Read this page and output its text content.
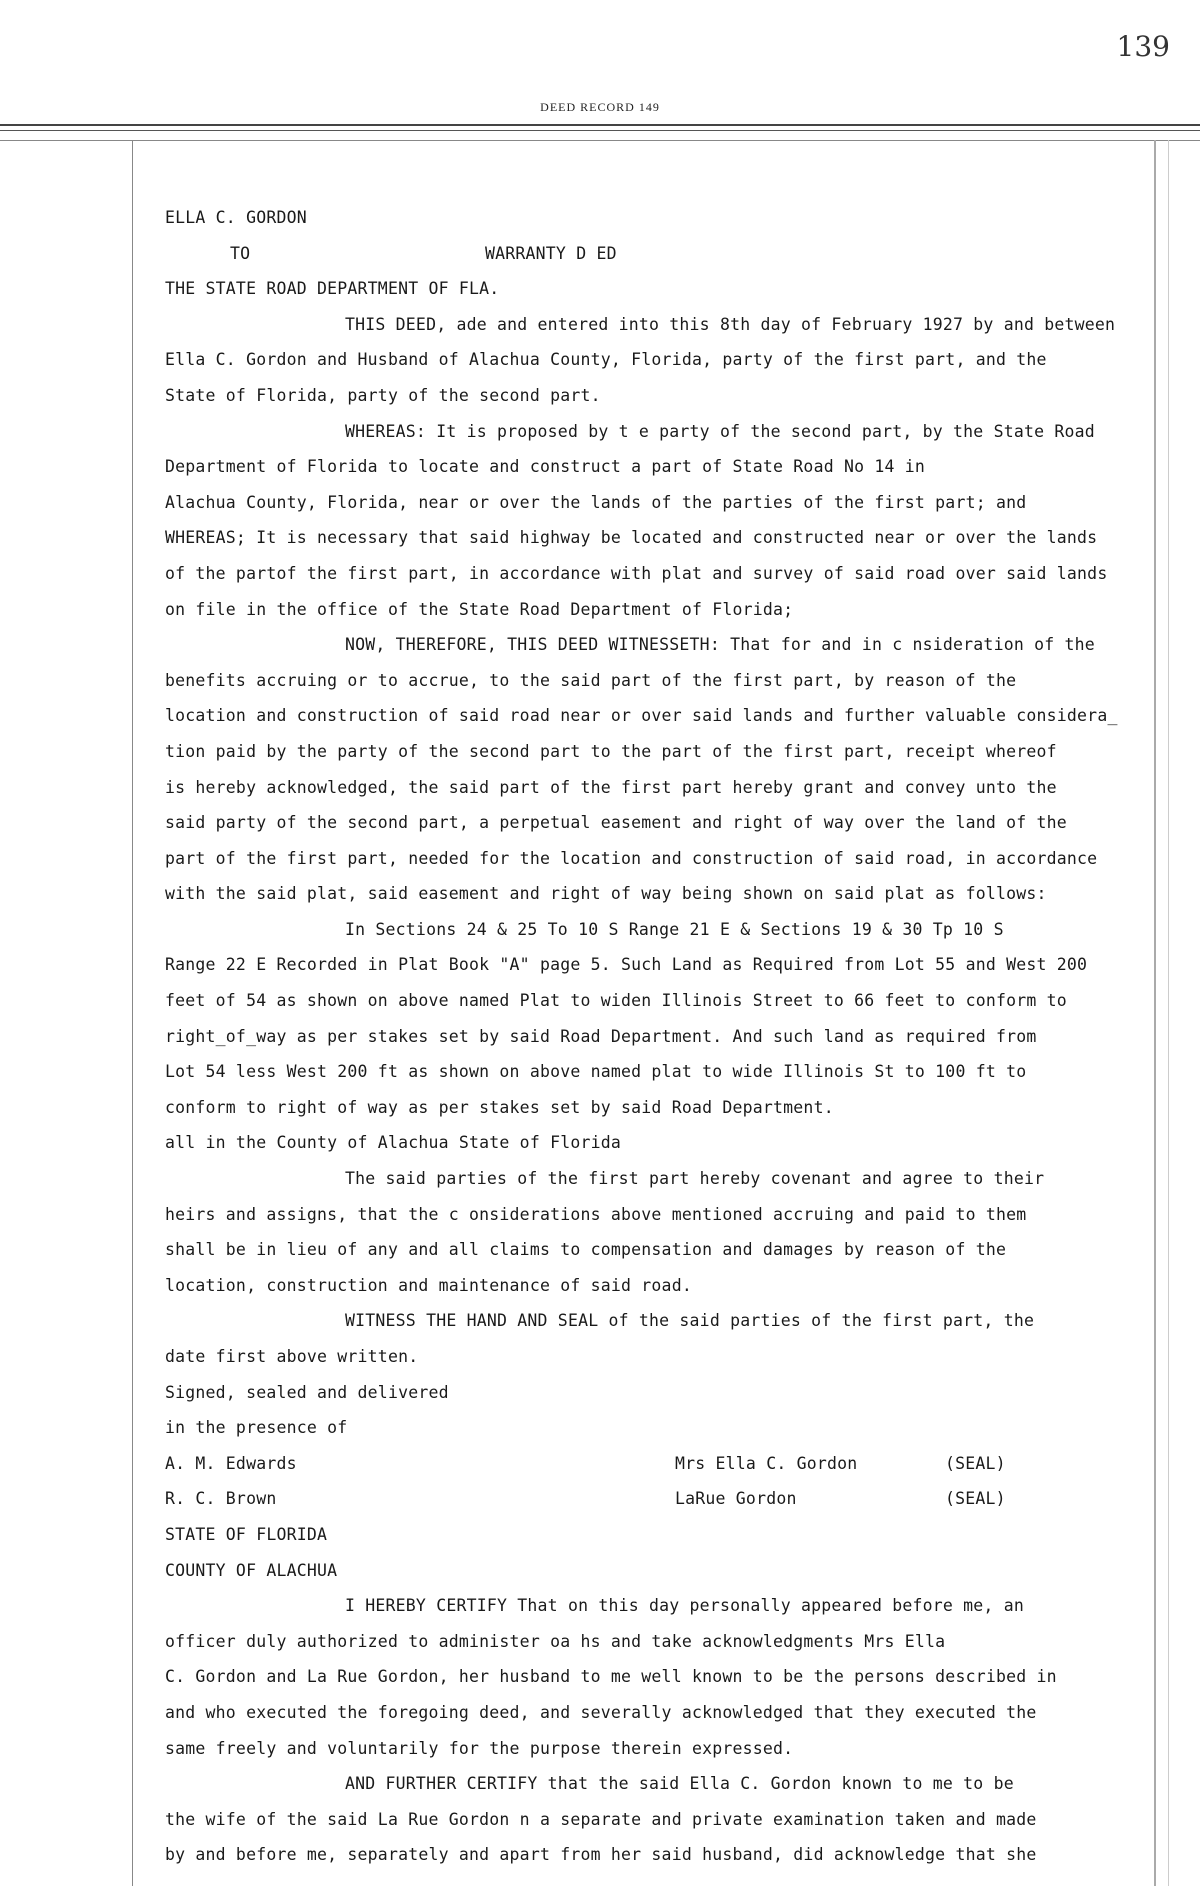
139
DEED RECORD 149
ELLA C. GORDON
TO	WARRANTY D ED
THE STATE ROAD DEPARTMENT OF FLA.
THIS DEED, ade and entered into this 8th day of February 1927 by and between
Ella C. Gordon and Husband of Alachua County, Florida, party of the first part, and the
State of Florida, party of the second part.
WHEREAS: It is proposed by t e party of the second part, by the State Road
Department of Florida to locate and construct a part of State Road No 14 in
Alachua County, Florida, near or over the lands of the parties of the first part; and
WHEREAS; It is necessary that said highway be located and constructed near or over the lands
of the partof the first part, in accordance with plat and survey of said road over said lands
on file in the office of the State Road Department of Florida;
NOW, THEREFORE, THIS DEED WITNESSETH: That for and in c nsideration of the
benefits accruing or to accrue, to the said part of the first part, by reason of the
location and construction of said road near or over said lands and further valuable considera_
tion paid by the party of the second part to the part of the first part, receipt whereof
is hereby acknowledged, the said part of the first part hereby grant and convey unto the
said party of the second part, a perpetual easement and right of way over the land of the
part of the first part, needed for the location and construction of said road, in accordance
with the said plat, said easement and right of way being shown on said plat as follows:
In Sections 24 & 25 To 10 S Range 21 E & Sections 19 & 30 Tp 10 S
Range 22 E Recorded in Plat Book "A" page 5. Such Land as Required from Lot 55 and West 200
feet of 54 as shown on above named Plat to widen Illinois Street to 66 feet to conform to
right_of_way as per stakes set by said Road Department. And such land as required from
Lot 54 less West 200 ft as shown on above named plat to wide Illinois St to 100 ft to
conform to right of way as per stakes set by said Road Department.
all in the County of Alachua State of Florida
The said parties of the first part hereby covenant and agree to their
heirs and assigns, that the c onsiderations above mentioned accruing and paid to them
shall be in lieu of any and all claims to compensation and damages by reason of the
location, construction and maintenance of said road.
WITNESS THE HAND AND SEAL of the said parties of the first part, the
date first above written.
Signed, sealed and delivered
in the presence of
A. M. Edwards	Mrs Ella C. Gordon	(SEAL)
R. C. Brown	LaRue Gordon	(SEAL)
STATE OF FLORIDA
COUNTY OF ALACHUA
I HEREBY CERTIFY That on this day personally appeared before me, an
officer duly authorized to administer oa hs and take acknowledgments Mrs Ella
C. Gordon and La Rue Gordon, her husband to me well known to be the persons described in
and who executed the foregoing deed, and severally acknowledged that they executed the
same freely and voluntarily for the purpose therein expressed.
AND FURTHER CERTIFY that the said Ella C. Gordon known to me to be
the wife of the said La Rue Gordon n a separate and private examination taken and made
by and before me, separately and apart from her said husband, did acknowledge that she
